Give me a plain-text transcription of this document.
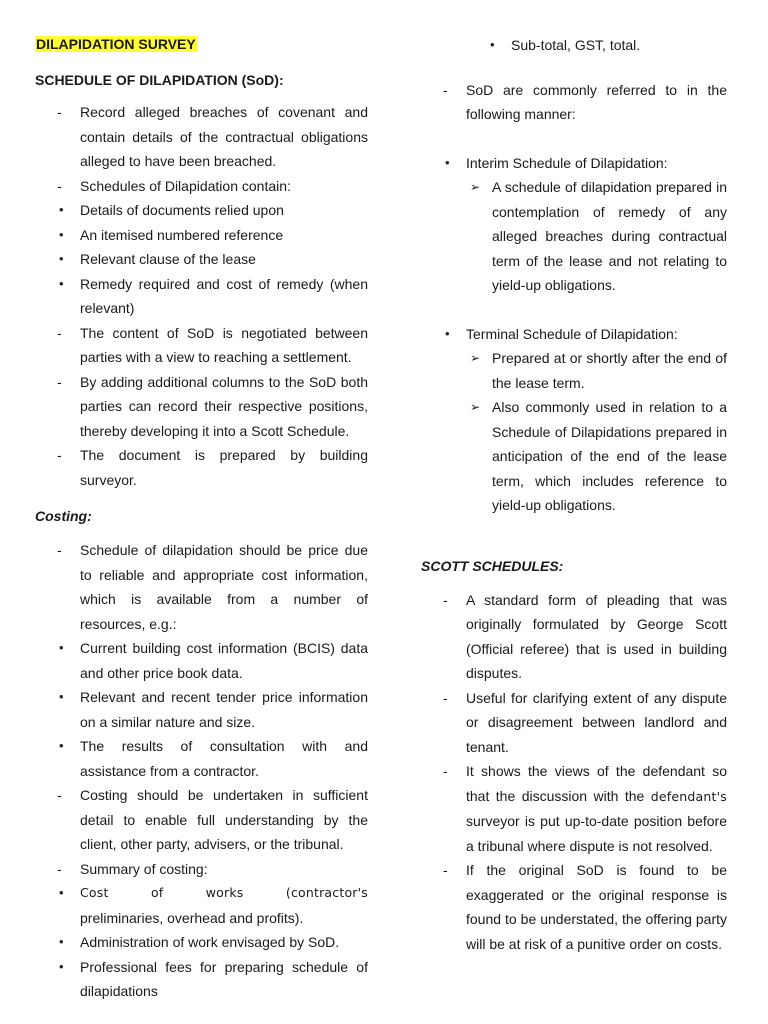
DILAPIDATION SURVEY
SCHEDULE OF DILAPIDATION (SoD):
- Record alleged breaches of covenant and contain details of the contractual obligations alleged to have been breached.
- Schedules of Dilapidation contain:
• Details of documents relied upon
• An itemised numbered reference
• Relevant clause of the lease
• Remedy required and cost of remedy (when relevant)
- The content of SoD is negotiated between parties with a view to reaching a settlement.
- By adding additional columns to the SoD both parties can record their respective positions, thereby developing it into a Scott Schedule.
- The document is prepared by building surveyor.
Costing:
- Schedule of dilapidation should be price due to reliable and appropriate cost information, which is available from a number of resources, e.g.:
• Current building cost information (BCIS) data and other price book data.
• Relevant and recent tender price information on a similar nature and size.
• The results of consultation with and assistance from a contractor.
- Costing should be undertaken in sufficient detail to enable full understanding by the client, other party, advisers, or the tribunal.
- Summary of costing:
• Cost of works (contractor's
preliminaries, overhead and profits).
• Administration of work envisaged by SoD.
• Professional fees for preparing schedule of dilapidations
• Sub-total, GST, total.
- SoD are commonly referred to in the following manner:
• Interim Schedule of Dilapidation:
➢ A schedule of dilapidation prepared in contemplation of remedy of any alleged breaches during contractual term of the lease and not relating to yield-up obligations.
• Terminal Schedule of Dilapidation:
➢ Prepared at or shortly after the end of the lease term.
➢ Also commonly used in relation to a Schedule of Dilapidations prepared in anticipation of the end of the lease term, which includes reference to yield-up obligations.
SCOTT SCHEDULES:
- A standard form of pleading that was originally formulated by George Scott (Official referee) that is used in building disputes.
- Useful for clarifying extent of any dispute or disagreement between landlord and tenant.
- It shows the views of the defendant so that the discussion with the defendant's surveyor is put up-to-date position before a tribunal where dispute is not resolved.
- If the original SoD is found to be exaggerated or the original response is found to be understated, the offering party will be at risk of a punitive order on costs.
